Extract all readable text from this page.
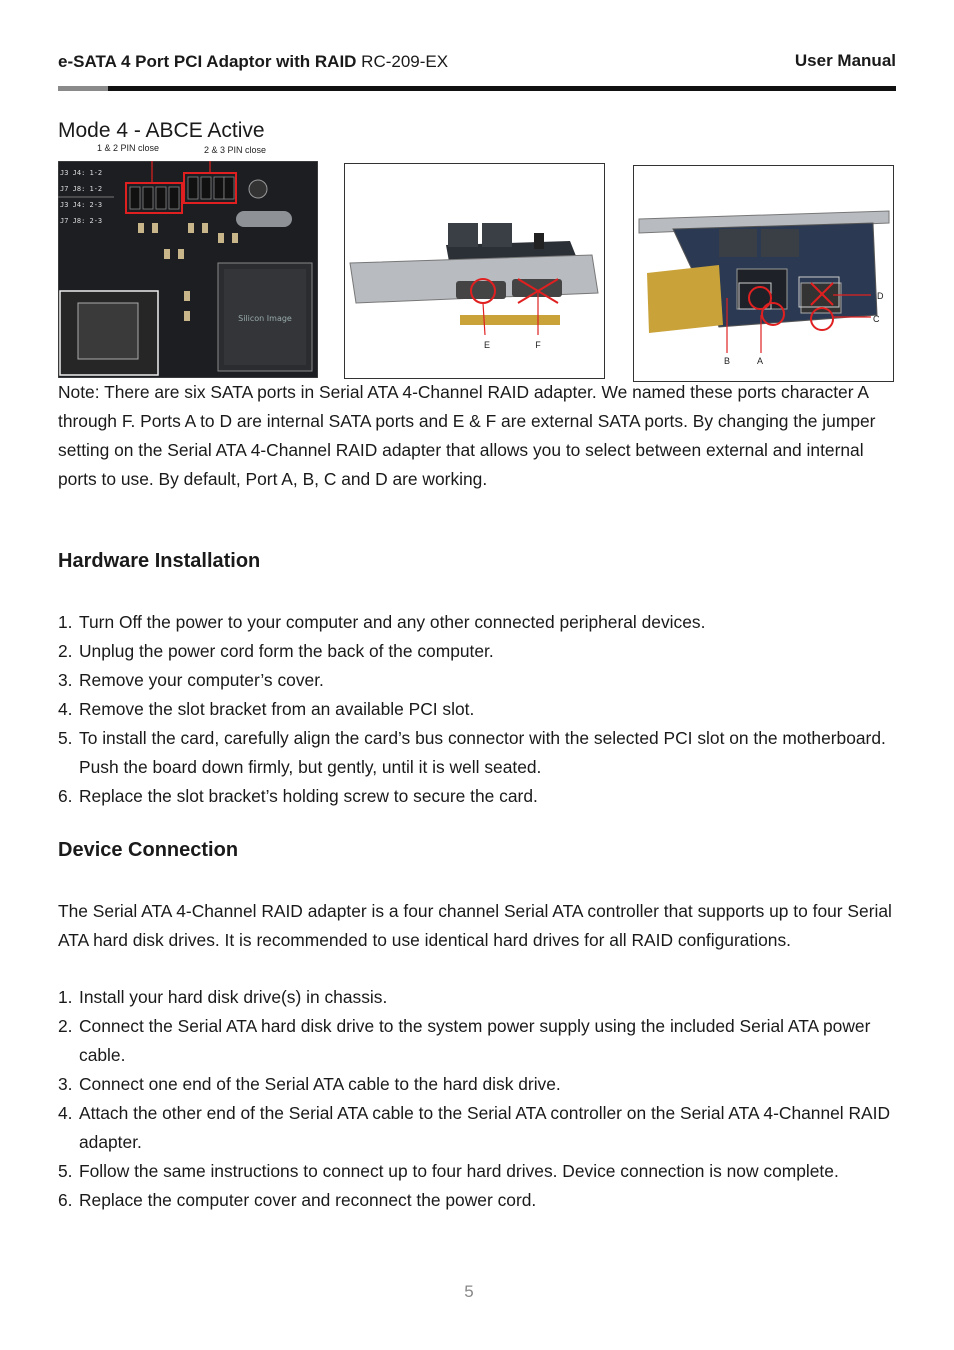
e-SATA 4 Port PCI Adaptor with RAID RC-209-EX	User Manual
Mode 4 - ABCE Active
1 & 2 PIN close	2 & 3 PIN close
J3 J4: 1-2
J7 J8: 1-2
J3 J4: 2-3
J7 J8: 2-3
Silicon Image
E	F
B	A
D
C
Note: There are six SATA ports in Serial ATA 4-Channel RAID adapter. We named these ports character A through F. Ports A to D are internal SATA ports and E & F are external SATA ports. By changing the jumper setting on the Serial ATA 4-Channel RAID adapter that allows you to select between external and internal ports to use. By default, Port A, B, C and D are working.
Hardware Installation
1. Turn Off the power to your computer and any other connected peripheral devices.
2. Unplug the power cord form the back of the computer.
3. Remove your computer’s cover.
4. Remove the slot bracket from an available PCI slot.
5. To install the card, carefully align the card’s bus connector with the selected PCI slot on the motherboard. Push the board down firmly, but gently, until it is well seated.
6. Replace the slot bracket’s holding screw to secure the card.
Device Connection
The Serial ATA 4-Channel RAID adapter is a four channel Serial ATA controller that supports up to four Serial ATA hard disk drives. It is recommended to use identical hard drives for all RAID configurations.
1. Install your hard disk drive(s) in chassis.
2. Connect the Serial ATA hard disk drive to the system power supply using the included Serial ATA power cable.
3. Connect one end of the Serial ATA cable to the hard disk drive.
4. Attach the other end of the Serial ATA cable to the Serial ATA controller on the Serial ATA 4-Channel RAID adapter.
5. Follow the same instructions to connect up to four hard drives. Device connection is now complete.
6. Replace the computer cover and reconnect the power cord.
5
